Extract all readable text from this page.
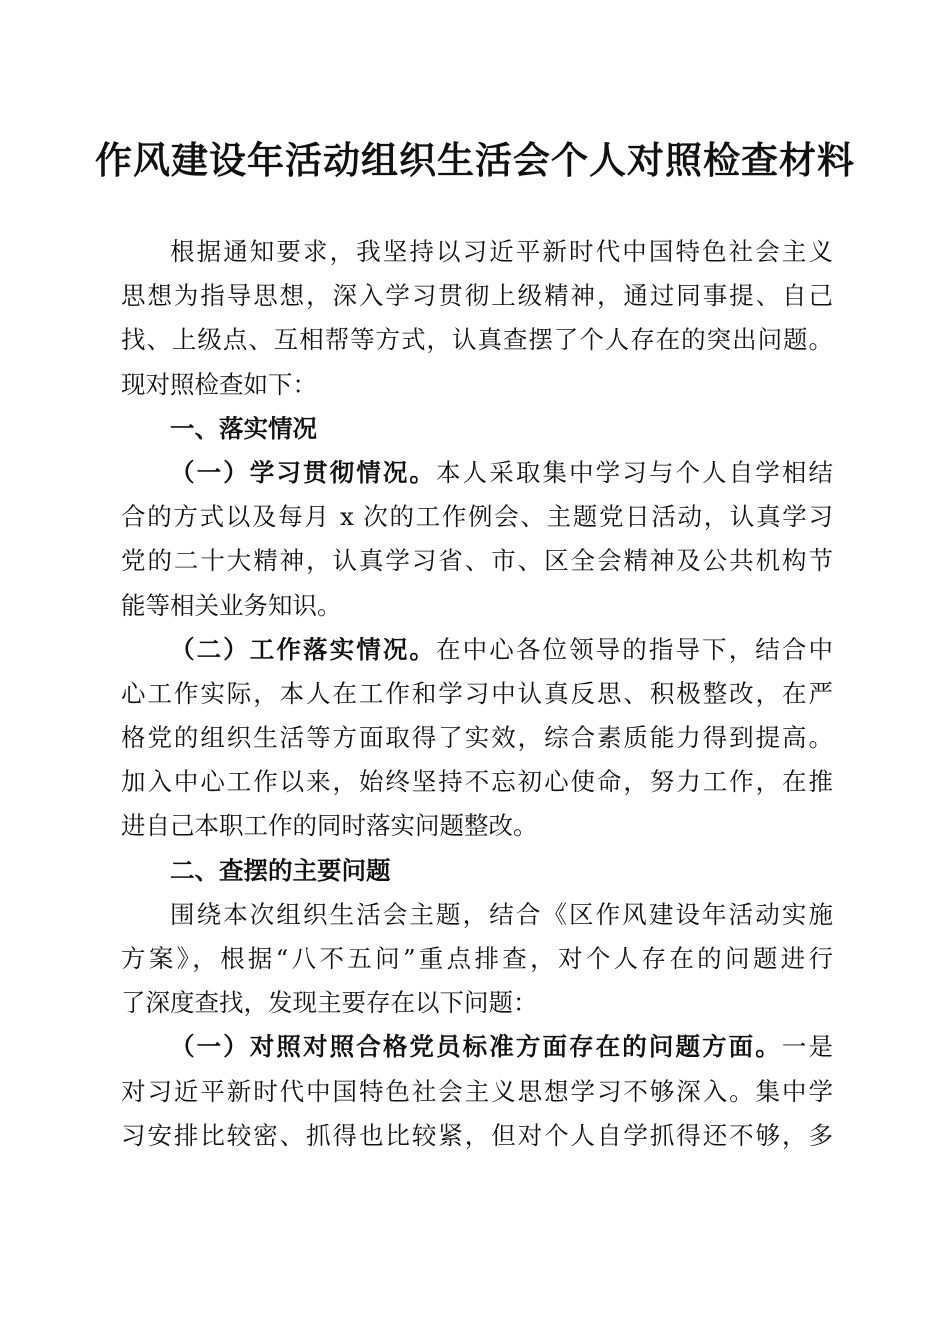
作风建设年活动组织生活会个人对照检查材料
根据通知要求，我坚持以习近平新时代中国特色社会主义
思想为指导思想，深入学习贯彻上级精神，通过同事提、自己
找、上级点、互相帮等方式，认真查摆了个人存在的突出问题。
现对照检查如下：
一、落实情况
（一）学习贯彻情况。本人采取集中学习与个人自学相结
合的方式以及每月 x 次的工作例会、主题党日活动，认真学习
党的二十大精神，认真学习省、市、区全会精神及公共机构节
能等相关业务知识。
（二）工作落实情况。在中心各位领导的指导下，结合中
心工作实际，本人在工作和学习中认真反思、积极整改，在严
格党的组织生活等方面取得了实效，综合素质能力得到提高。
加入中心工作以来，始终坚持不忘初心使命，努力工作，在推
进自己本职工作的同时落实问题整改。
二、查摆的主要问题
围绕本次组织生活会主题，结合《区作风建设年活动实施
方案》，根据“八不五问”重点排查，对个人存在的问题进行
了深度查找，发现主要存在以下问题：
（一）对照对照合格党员标准方面存在的问题方面。一是
对习近平新时代中国特色社会主义思想学习不够深入。集中学
习安排比较密、抓得也比较紧，但对个人自学抓得还不够，多
